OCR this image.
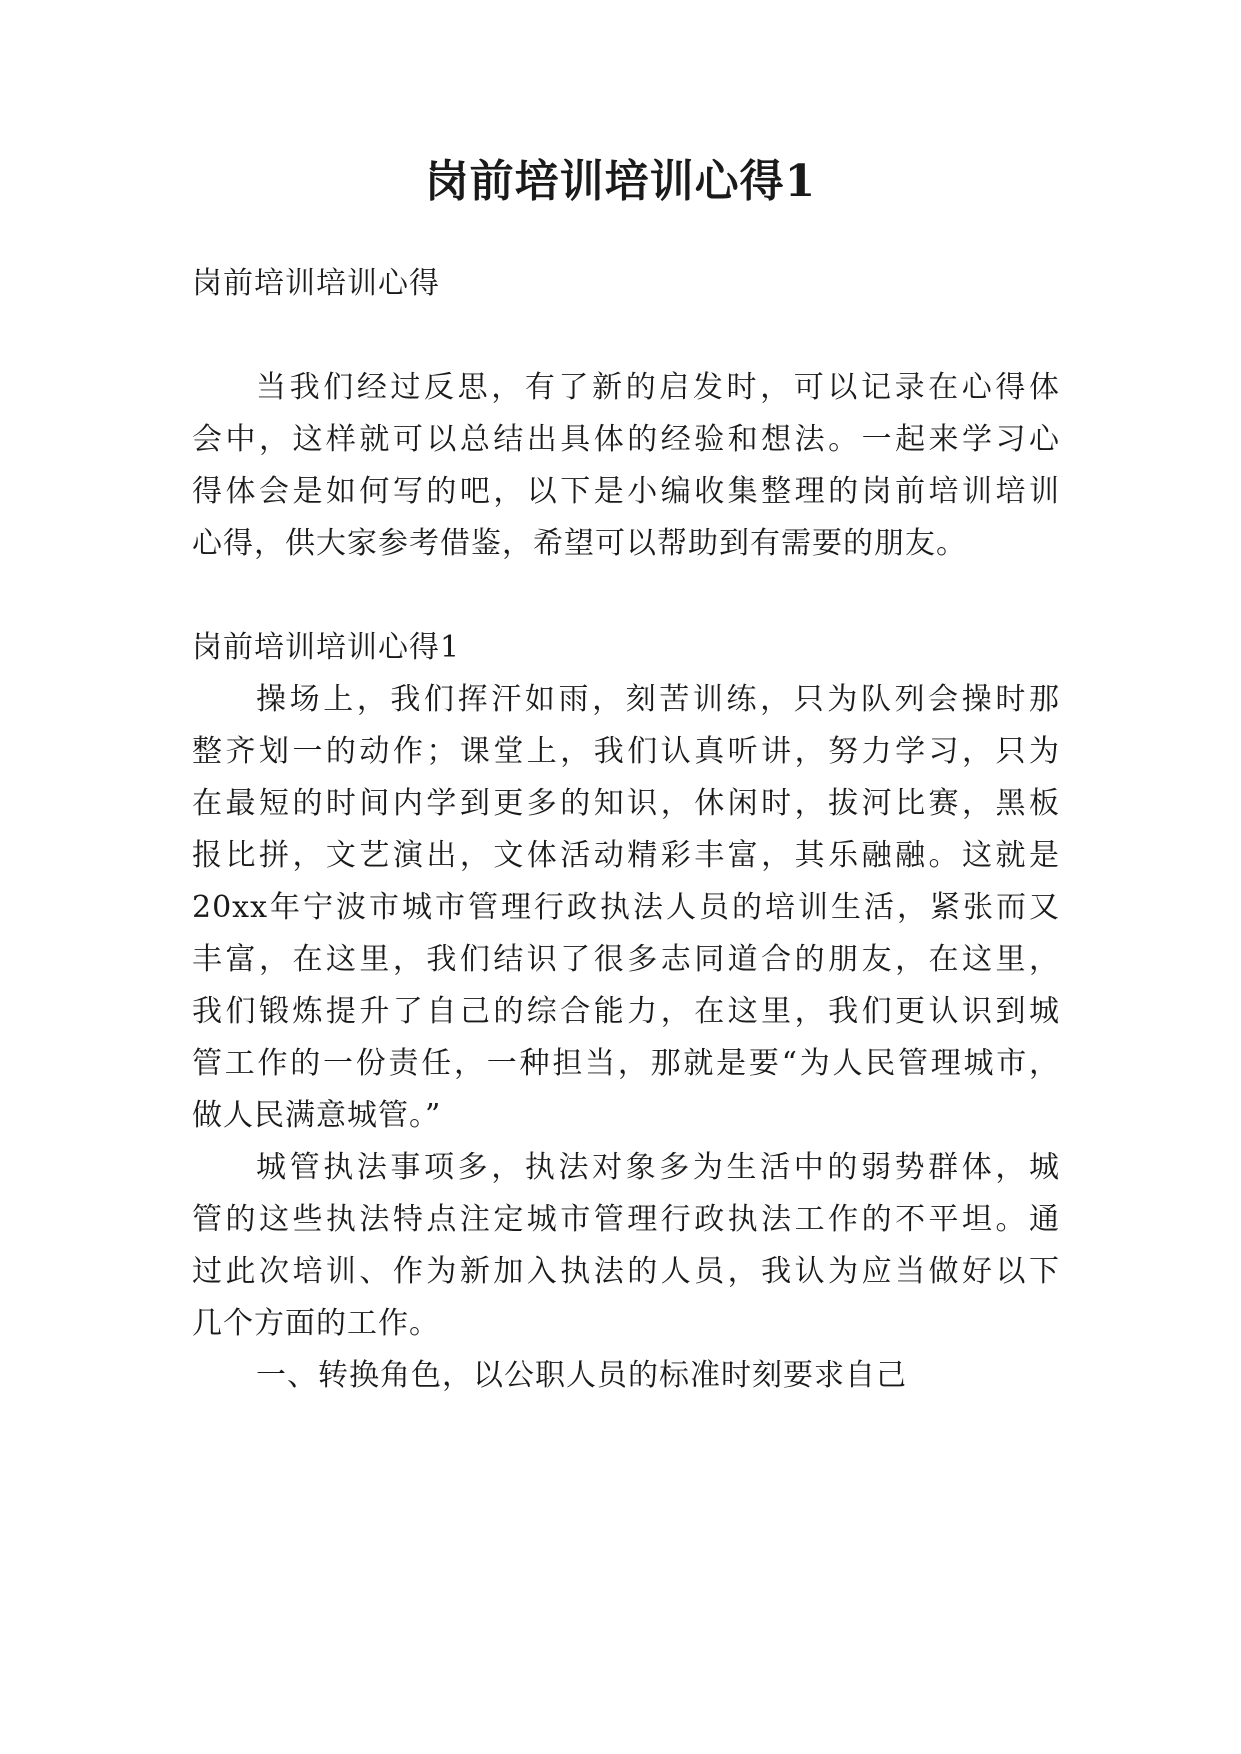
岗前培训培训心得1
岗前培训培训心得
当我们经过反思，有了新的启发时，可以记录在心得体
会中，这样就可以总结出具体的经验和想法。一起来学习心
得体会是如何写的吧，以下是小编收集整理的岗前培训培训
心得，供大家参考借鉴，希望可以帮助到有需要的朋友。
岗前培训培训心得1
操场上，我们挥汗如雨，刻苦训练，只为队列会操时那
整齐划一的动作；课堂上，我们认真听讲，努力学习，只为
在最短的时间内学到更多的知识，休闲时，拔河比赛，黑板
报比拼，文艺演出，文体活动精彩丰富，其乐融融。这就是
20xx年宁波市城市管理行政执法人员的培训生活，紧张而又
丰富，在这里，我们结识了很多志同道合的朋友，在这里，
我们锻炼提升了自己的综合能力，在这里，我们更认识到城
管工作的一份责任，一种担当，那就是要“为人民管理城市，
做人民满意城管。”
城管执法事项多，执法对象多为生活中的弱势群体，城
管的这些执法特点注定城市管理行政执法工作的不平坦。通
过此次培训、作为新加入执法的人员，我认为应当做好以下
几个方面的工作。
一、转换角色，以公职人员的标准时刻要求自己
